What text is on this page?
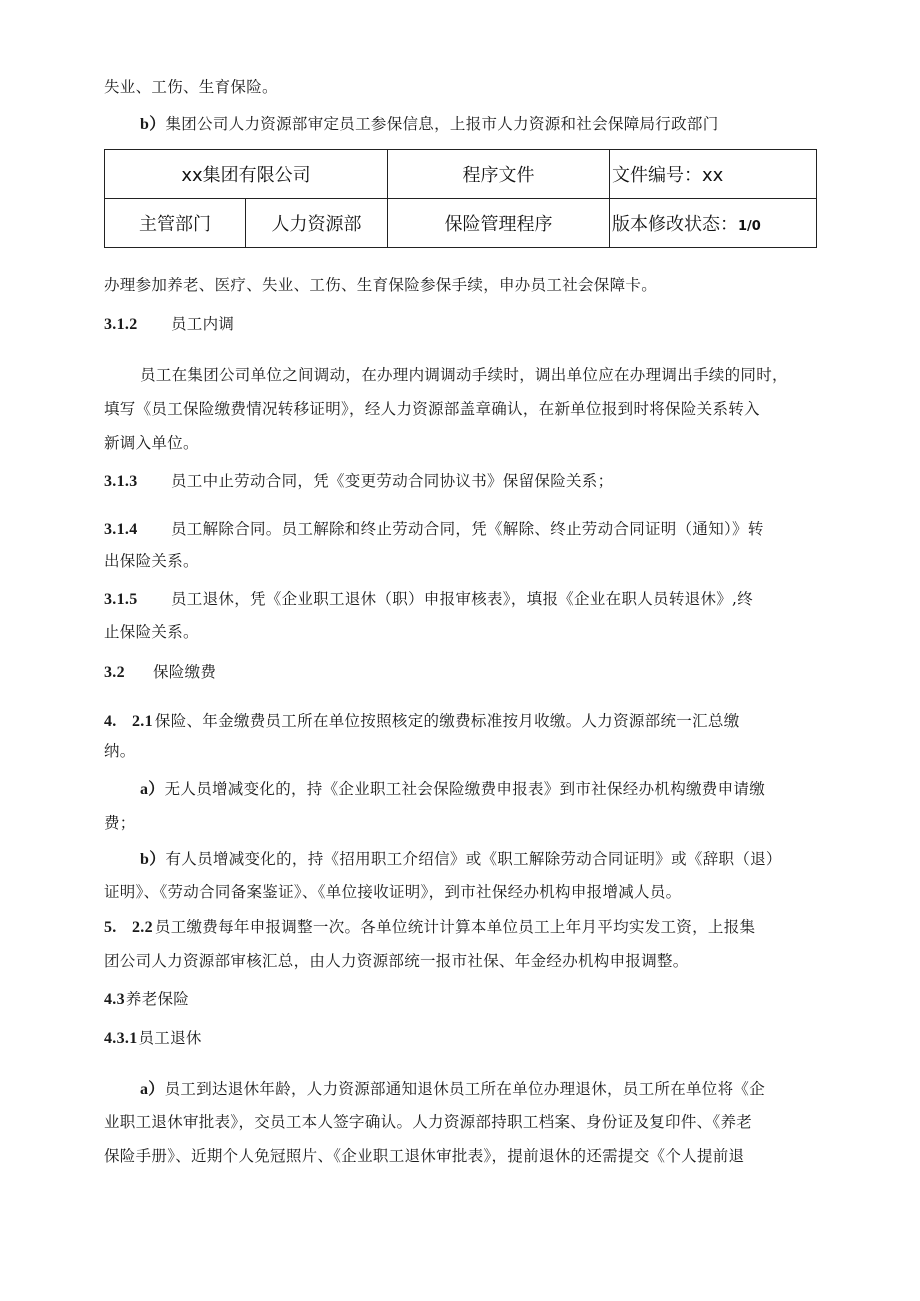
失业、工伤、生育保险。
b）集团公司人力资源部审定员工参保信息，上报市人力资源和社会保障局行政部门
xx集团有限公司		程序文件	文件编号：xx
主管部门	人力资源部	保险管理程序	版本修改状态：1/0
办理参加养老、医疗、失业、工伤、生育保险参保手续，申办员工社会保障卡。
3.1.2 员工内调
员工在集团公司单位之间调动，在办理内调调动手续时，调出单位应在办理调出手续的同时，
填写《员工保险缴费情况转移证明》，经人力资源部盖章确认，在新单位报到时将保险关系转入
新调入单位。
3.1.3 员工中止劳动合同，凭《变更劳动合同协议书》保留保险关系；
3.1.4 员工解除合同。员工解除和终止劳动合同，凭《解除、终止劳动合同证明（通知）》转
出保险关系。
3.1.5 员工退休，凭《企业职工退休（职）申报审核表》，填报《企业在职人员转退休》,终
止保险关系。
3.2 保险缴费
4. 2.1 保险、年金缴费员工所在单位按照核定的缴费标准按月收缴。人力资源部统一汇总缴
纳。
a）无人员增减变化的，持《企业职工社会保险缴费申报表》到市社保经办机构缴费申请缴
费；
b）有人员增减变化的，持《招用职工介绍信》或《职工解除劳动合同证明》或《辞职（退）
证明》、《劳动合同备案鉴证》、《单位接收证明》，到市社保经办机构申报增减人员。
5. 2.2 员工缴费每年申报调整一次。各单位统计计算本单位员工上年月平均实发工资，上报集
团公司人力资源部审核汇总，由人力资源部统一报市社保、年金经办机构申报调整。
4.3养老保险
4.3.1员工退休
a）员工到达退休年龄，人力资源部通知退休员工所在单位办理退休，员工所在单位将《企
业职工退休审批表》，交员工本人签字确认。人力资源部持职工档案、身份证及复印件、《养老
保险手册》、近期个人免冠照片、《企业职工退休审批表》，提前退休的还需提交《个人提前退
